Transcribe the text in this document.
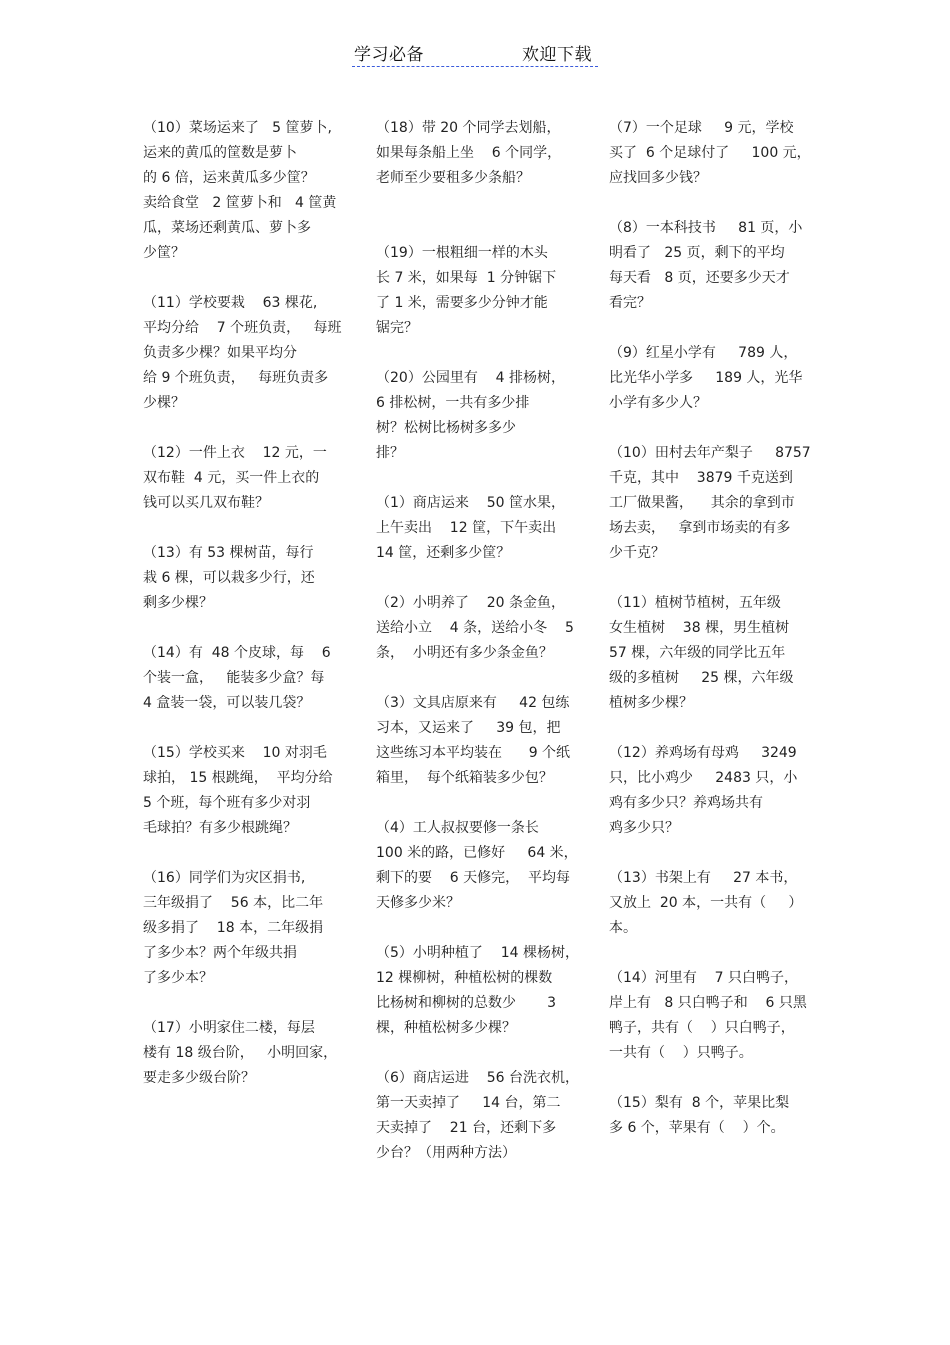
学习必备	欢迎下载

（10）菜场运来了   5 筐萝卜,

运来的黄瓜的筐数是萝卜

的 6 倍，运来黄瓜多少筐？

卖给食堂   2 筐萝卜和   4 筐黄

瓜，菜场还剩黄瓜、萝卜多

少筐？

（11）学校要栽    63 棵花,

平均分给    7 个班负责，   每班

负责多少棵？如果平均分

给 9 个班负责，   每班负责多

少棵？

（12）一件上衣    12 元，一

双布鞋  4 元，买一件上衣的

钱可以买几双布鞋？

（13）有 53 棵树苗，每行

栽 6 棵，可以栽多少行，还

剩多少棵？

（14）有  48 个皮球，每    6

个装一盒，   能装多少盒？每

4 盒装一袋，可以装几袋？

（15）学校买来    10 对羽毛

球拍， 15 根跳绳，  平均分给

5 个班，每个班有多少对羽

毛球拍？有多少根跳绳？

（16）同学们为灾区捐书,

三年级捐了    56 本，比二年

级多捐了    18 本，二年级捐

了多少本？两个年级共捐

了多少本？

（17）小明家住二楼，每层

楼有 18 级台阶，   小明回家，

要走多少级台阶？

（18）带 20 个同学去划船，

如果每条船上坐    6 个同学，

老师至少要租多少条船？

（19）一根粗细一样的木头

长 7 米，如果每  1 分钟锯下

了 1 米，需要多少分钟才能

锯完？

（20）公园里有    4 排杨树，

6 排松树，一共有多少排

树？松树比杨树多多少

排？

（1）商店运来    50 筐水果，

上午卖出    12 筐，下午卖出

14 筐，还剩多少筐？

（2）小明养了    20 条金鱼，

送给小立    4 条，送给小冬    5

条，  小明还有多少条金鱼？

（3）文具店原来有     42 包练

习本，又运来了     39 包，把

这些练习本平均装在      9 个纸

箱里，  每个纸箱装多少包？

（4）工人叔叔要修一条长

100 米的路，已修好     64 米，

剩下的要    6 天修完，  平均每

天修多少米？

（5）小明种植了    14 棵杨树，

12 棵柳树，种植松树的棵数

比杨树和柳树的总数少       3

棵，种植松树多少棵？

（6）商店运进    56 台洗衣机，

第一天卖掉了     14 台，第二

天卖掉了    21 台，还剩下多

少台？（用两种方法）

（7）一个足球     9 元，学校

买了  6 个足球付了     100 元，

应找回多少钱？

（8）一本科技书     81 页，小

明看了   25 页，剩下的平均

每天看   8 页，还要多少天才

看完？

（9）红星小学有     789 人，

比光华小学多     189 人，光华

小学有多少人？

（10）田村去年产梨子     8757

千克，其中    3879 千克送到

工厂做果酱，    其余的拿到市

场去卖，   拿到市场卖的有多

少千克？

（11）植树节植树，五年级

女生植树    38 棵，男生植树

57 棵，六年级的同学比五年

级的多植树     25 棵，六年级

植树多少棵？

（12）养鸡场有母鸡     3249

只，比小鸡少     2483 只，小

鸡有多少只？养鸡场共有

鸡多少只？

（13）书架上有     27 本书，

又放上  20 本，一共有（     ）

本。

（14）河里有    7 只白鸭子，

岸上有   8 只白鸭子和    6 只黑

鸭子，共有（    ）只白鸭子，

一共有（    ）只鸭子。

（15）梨有  8 个，苹果比梨

多 6 个，苹果有（    ）个。
